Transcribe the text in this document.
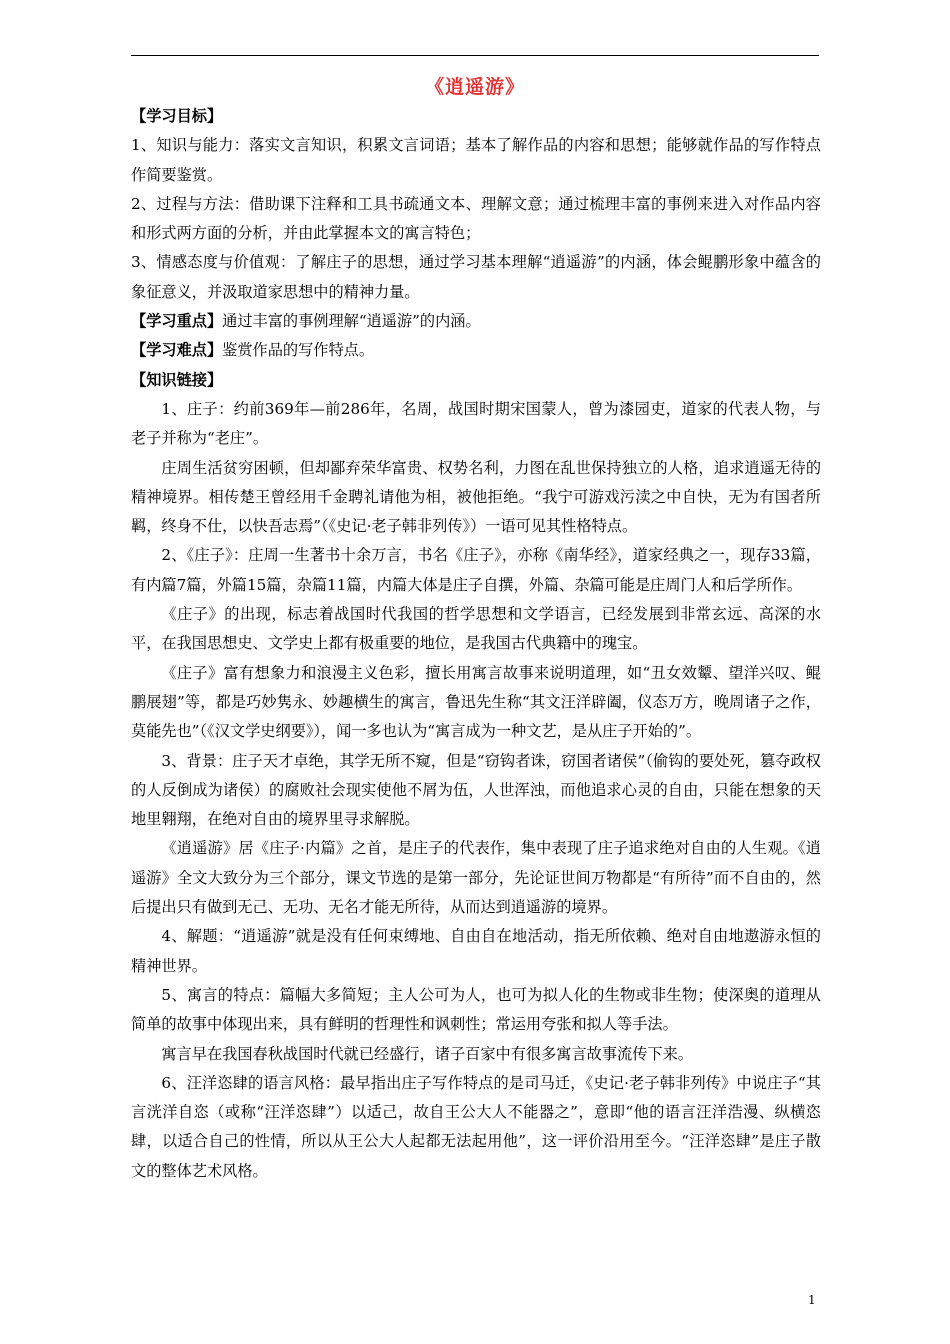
《逍遥游》

【学习目标】

1、知识与能力：落实文言知识，积累文言词语；基本了解作品的内容和思想；能够就作品的写作特点作简要鉴赏。

2、过程与方法：借助课下注释和工具书疏通文本、理解文意；通过梳理丰富的事例来进入对作品内容和形式两方面的分析，并由此掌握本文的寓言特色；

3、情感态度与价值观：了解庄子的思想，通过学习基本理解“逍遥游”的内涵，体会鲲鹏形象中蕴含的象征意义，并汲取道家思想中的精神力量。

【学习重点】通过丰富的事例理解“逍遥游”的内涵。

【学习难点】鉴赏作品的写作特点。

【知识链接】

1、庄子：约前369年—前286年，名周，战国时期宋国蒙人，曾为漆园吏，道家的代表人物，与老子并称为“老庄”。

庄周生活贫穷困顿，但却鄙弃荣华富贵、权势名利，力图在乱世保持独立的人格，追求逍遥无待的精神境界。相传楚王曾经用千金聘礼请他为相，被他拒绝。“我宁可游戏污渎之中自快，无为有国者所羁，终身不仕，以快吾志焉”（《史记·老子韩非列传》）一语可见其性格特点。

2、《庄子》：庄周一生著书十余万言，书名《庄子》，亦称《南华经》，道家经典之一，现存33篇，有内篇7篇，外篇15篇，杂篇11篇，内篇大体是庄子自撰，外篇、杂篇可能是庄周门人和后学所作。

《庄子》的出现，标志着战国时代我国的哲学思想和文学语言，已经发展到非常玄远、高深的水平，在我国思想史、文学史上都有极重要的地位，是我国古代典籍中的瑰宝。

《庄子》富有想象力和浪漫主义色彩，擅长用寓言故事来说明道理，如“丑女效颦、望洋兴叹、鲲鹏展翅”等，都是巧妙隽永、妙趣横生的寓言，鲁迅先生称“其文汪洋辟阖，仪态万方，晚周诸子之作，莫能先也”（《汉文学史纲要》），闻一多也认为“寓言成为一种文艺，是从庄子开始的”。

3、背景：庄子天才卓绝，其学无所不窥，但是“窃钩者诛，窃国者诸侯”（偷钩的要处死，篡夺政权的人反倒成为诸侯）的腐败社会现实使他不屑为伍，人世浑浊，而他追求心灵的自由，只能在想象的天地里翱翔，在绝对自由的境界里寻求解脱。

《逍遥游》居《庄子·内篇》之首，是庄子的代表作，集中表现了庄子追求绝对自由的人生观。《逍遥游》全文大致分为三个部分，课文节选的是第一部分，先论证世间万物都是“有所待”而不自由的，然后提出只有做到无己、无功、无名才能无所待，从而达到逍遥游的境界。

4、解题：“逍遥游”就是没有任何束缚地、自由自在地活动，指无所依赖、绝对自由地遨游永恒的精神世界。

5、寓言的特点：篇幅大多简短；主人公可为人，也可为拟人化的生物或非生物；使深奥的道理从简单的故事中体现出来，具有鲜明的哲理性和讽刺性；常运用夸张和拟人等手法。

寓言早在我国春秋战国时代就已经盛行，诸子百家中有很多寓言故事流传下来。

6、汪洋恣肆的语言风格：最早指出庄子写作特点的是司马迁，《史记·老子韩非列传》中说庄子“其言洸洋自恣（或称“汪洋恣肆”）以适己，故自王公大人不能器之”，意即“他的语言汪洋浩漫、纵横恣肆，以适合自己的性情，所以从王公大人起都无法起用他”，这一评价沿用至今。“汪洋恣肆”是庄子散文的整体艺术风格。

1
